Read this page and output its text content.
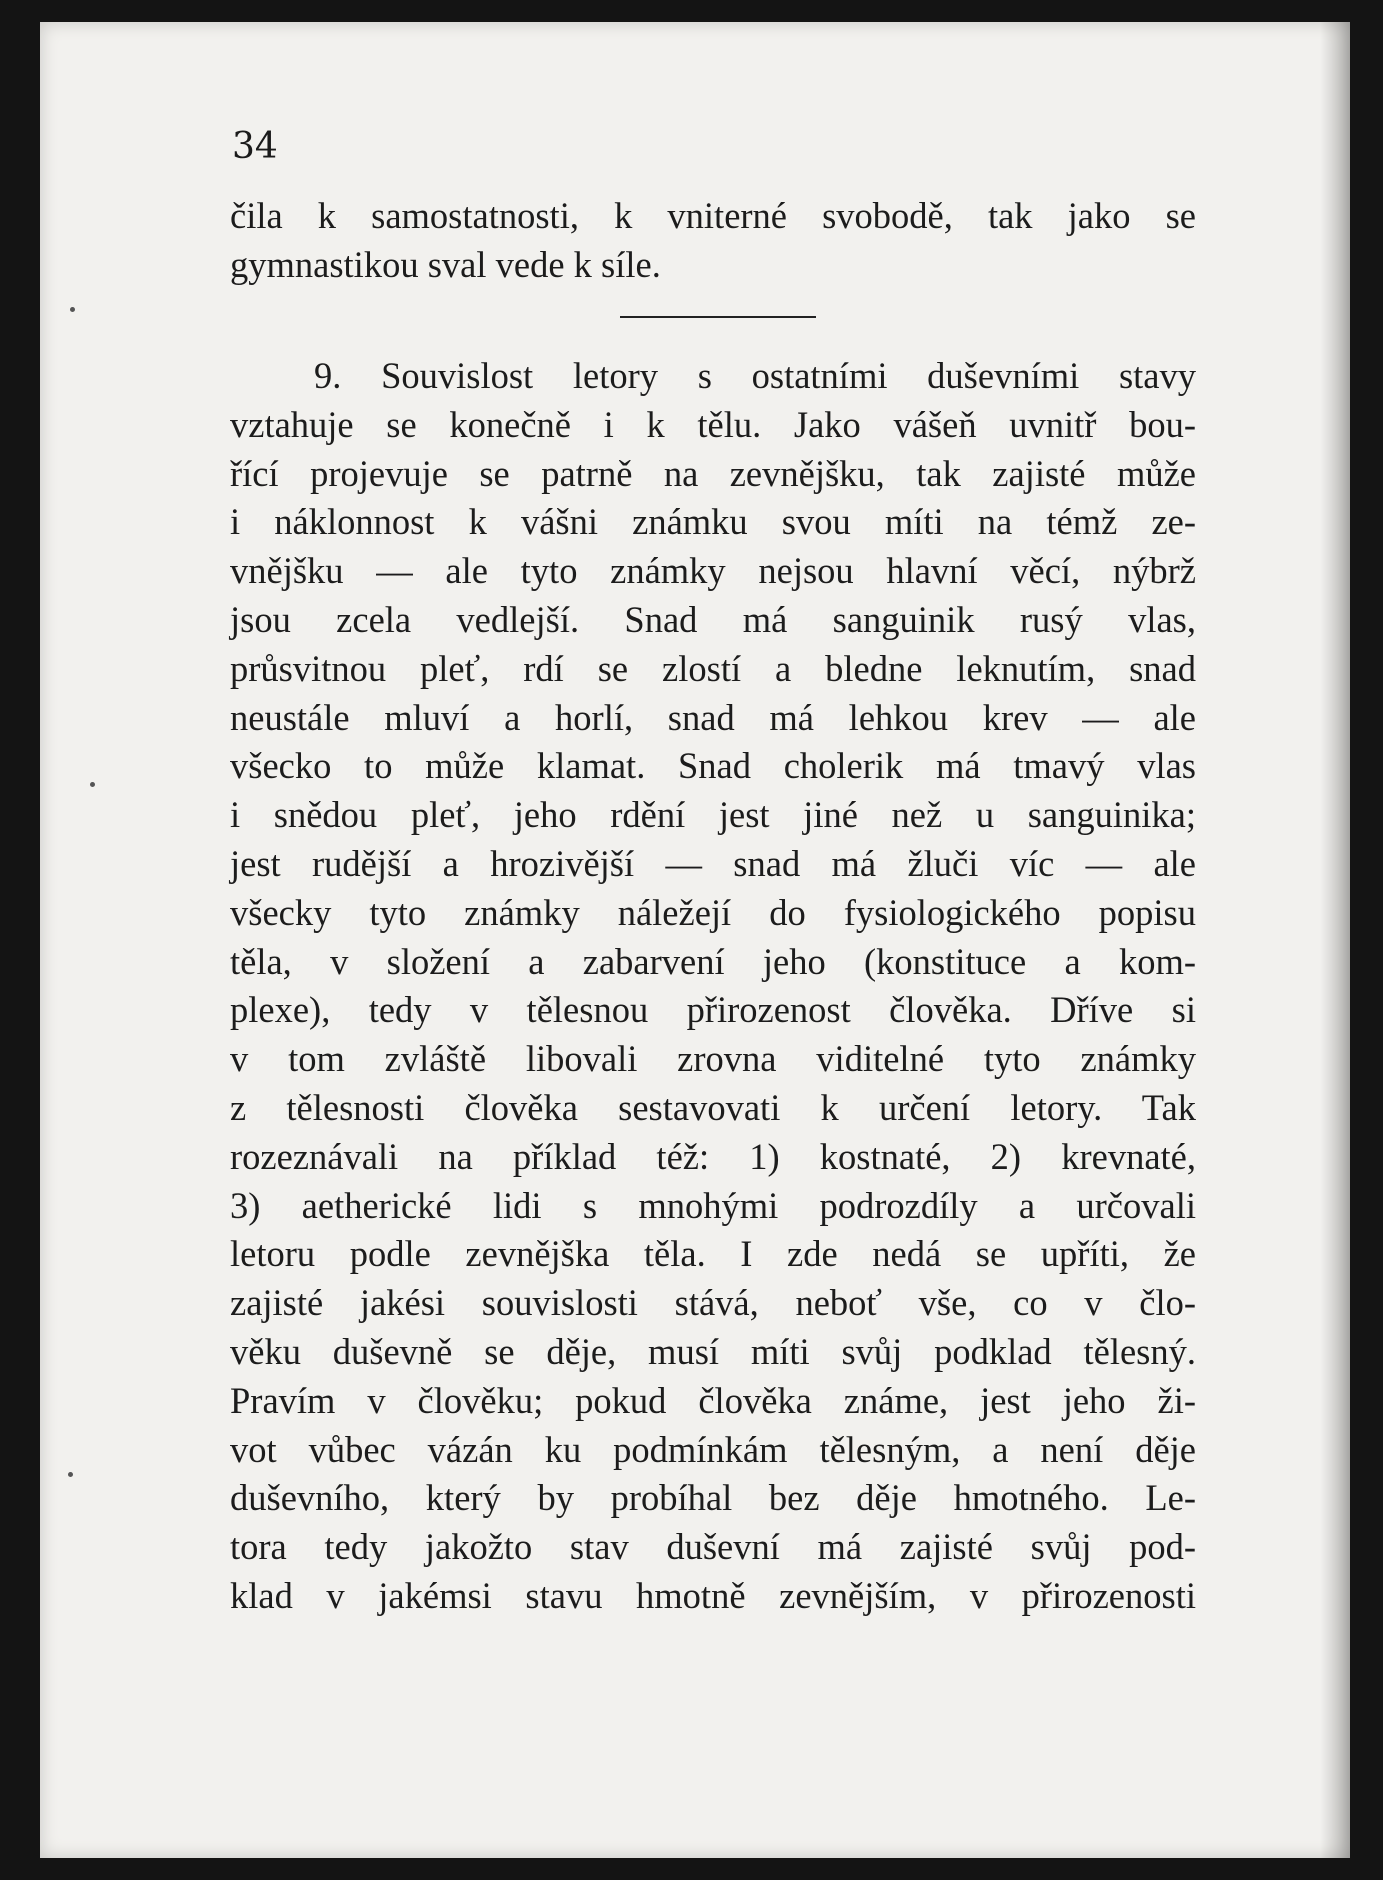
34

čila k samostatnosti, k vniterné svobodě, tak jako se
gymnastikou sval vede k síle.
9. Souvislost letory s ostatními duševními stavy
vztahuje se konečně i k tělu. Jako vášeň uvnitř bou-
řící projevuje se patrně na zevnějšku, tak zajisté může
i náklonnost k vášni známku svou míti na témž ze-
vnějšku — ale tyto známky nejsou hlavní věcí, nýbrž
jsou zcela vedlejší. Snad má sanguinik rusý vlas,
průsvitnou pleť, rdí se zlostí a bledne leknutím, snad
neustále mluví a horlí, snad má lehkou krev — ale
všecko to může klamat. Snad cholerik má tmavý vlas
i snědou pleť, jeho rdění jest jiné než u sanguinika;
jest rudější a hrozivější — snad má žluči víc — ale
všecky tyto známky náležejí do fysiologického popisu
těla, v složení a zabarvení jeho (konstituce a kom-
plexe), tedy v tělesnou přirozenost člověka. Dříve si
v tom zvláště libovali zrovna viditelné tyto známky
z tělesnosti člověka sestavovati k určení letory. Tak
rozeznávali na příklad též: 1) kostnaté, 2) krevnaté,
3) aetherické lidi s mnohými podrozdíly a určovali
letoru podle zevnějška těla. I zde nedá se upříti, že
zajisté jakési souvislosti stává, neboť vše, co v člo-
věku duševně se děje, musí míti svůj podklad tělesný.
Pravím v člověku; pokud člověka známe, jest jeho ži-
vot vůbec vázán ku podmínkám tělesným, a není děje
duševního, který by probíhal bez děje hmotného. Le-
tora tedy jakožto stav duševní má zajisté svůj pod-
klad v jakémsi stavu hmotně zevnějším, v přirozenosti
